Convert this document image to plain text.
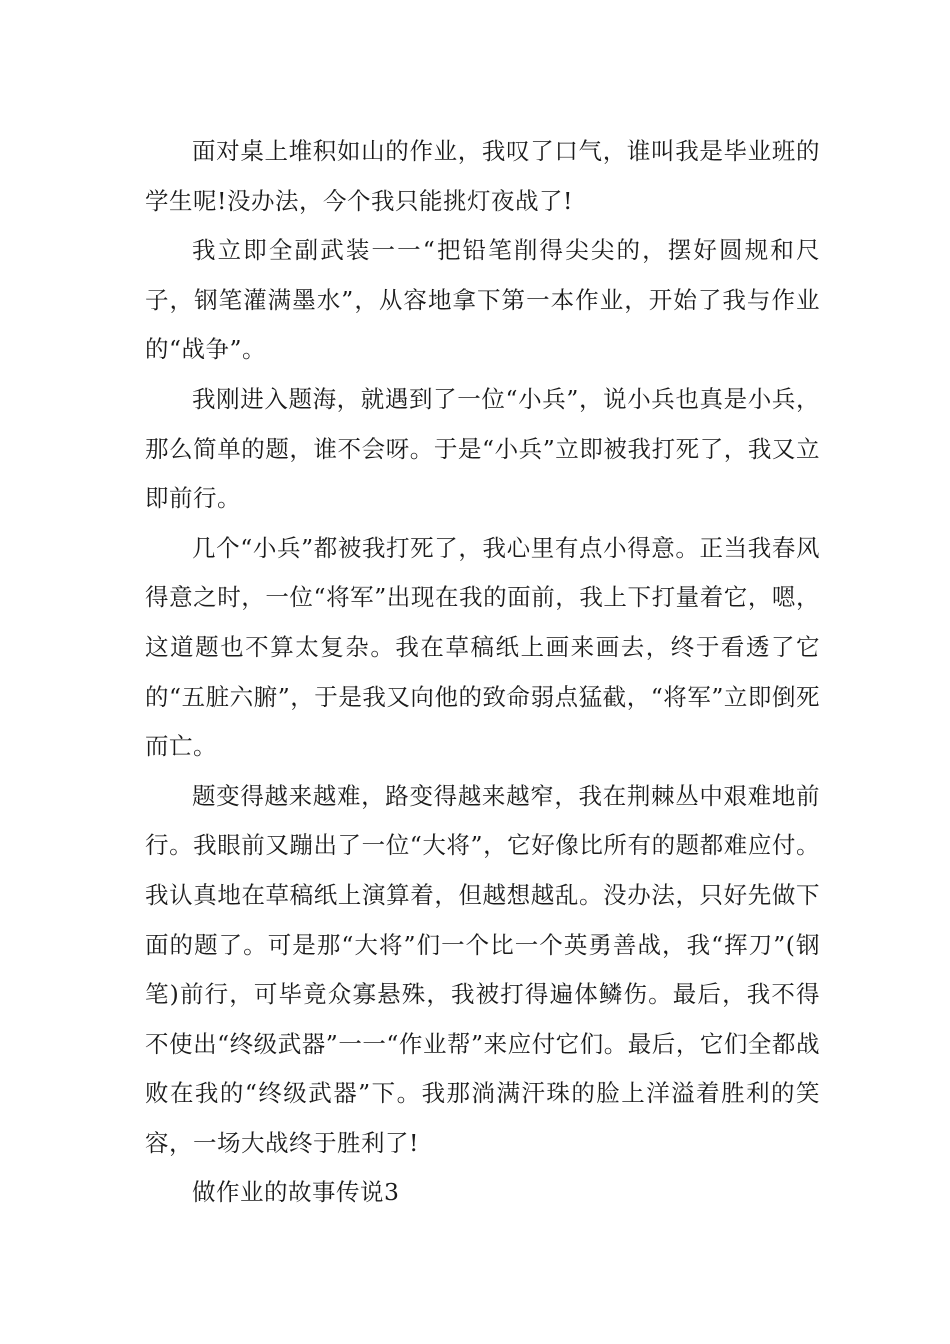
面对桌上堆积如山的作业，我叹了口气，谁叫我是毕业班的学生呢!没办法，今个我只能挑灯夜战了!

我立即全副武装一一“把铅笔削得尖尖的，摆好圆规和尺子，钢笔灌满墨水”，从容地拿下第一本作业，开始了我与作业的“战争”。

我刚进入题海，就遇到了一位“小兵”，说小兵也真是小兵，那么简单的题，谁不会呀。于是“小兵”立即被我打死了，我又立即前行。

几个“小兵”都被我打死了，我心里有点小得意。正当我春风得意之时，一位“将军”出现在我的面前，我上下打量着它，嗯，这道题也不算太复杂。我在草稿纸上画来画去，终于看透了它的“五脏六腑”，于是我又向他的致命弱点猛截，“将军”立即倒死而亡。

题变得越来越难，路变得越来越窄，我在荆棘丛中艰难地前行。我眼前又蹦出了一位“大将”，它好像比所有的题都难应付。我认真地在草稿纸上演算着，但越想越乱。没办法，只好先做下面的题了。可是那“大将”们一个比一个英勇善战，我“挥刀”(钢笔)前行，可毕竟众寡悬殊，我被打得遍体鳞伤。最后，我不得不使出“终级武器”一一“作业帮”来应付它们。最后，它们全都战败在我的“终级武器”下。我那淌满汗珠的脸上洋溢着胜利的笑容，一场大战终于胜利了!

做作业的故事传说3
